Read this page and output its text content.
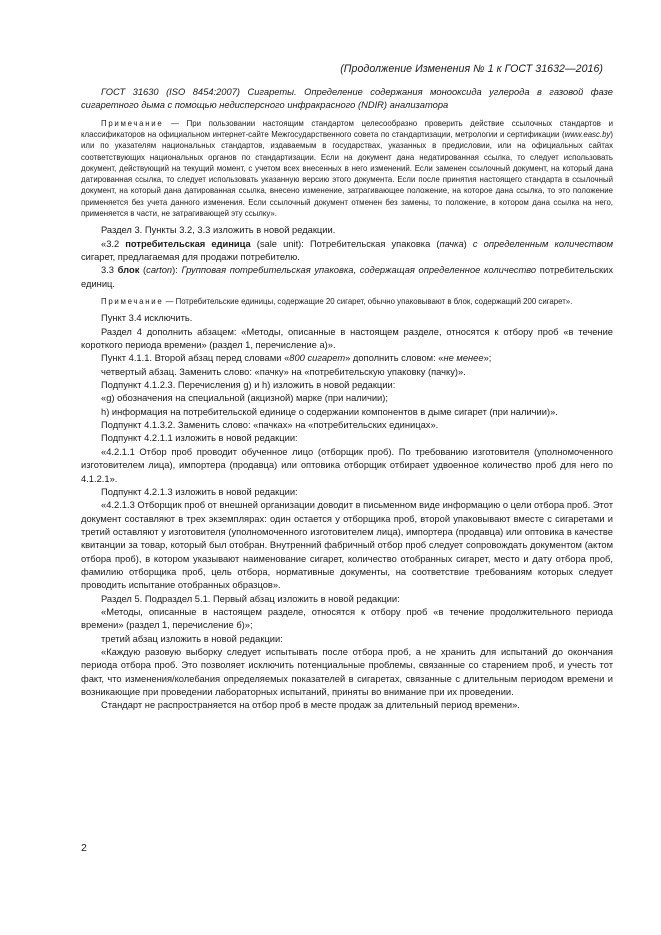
(Продолжение Изменения № 1 к ГОСТ 31632—2016)

ГОСТ 31630 (ISO 8454:2007) Сигареты. Определение содержания монооксида углерода в газовой фазе сигаретного дыма с помощью недисперсного инфракрасного (NDIR) анализатора

Примечание — При пользовании настоящим стандартом целесообразно проверить действие ссылочных стандартов и классификаторов на официальном интернет-сайте Межгосударственного совета по стандартизации, метрологии и сертификации (www.easc.by) или по указателям национальных стандартов, издаваемым в государствах, указанных в предисловии, или на официальных сайтах соответствующих национальных органов по стандартизации. Если на документ дана недатированная ссылка, то следует использовать документ, действующий на текущий момент, с учетом всех внесенных в него изменений. Если заменен ссылочный документ, на который дана датированная ссылка, то следует использовать указанную версию этого документа. Если после принятия настоящего стандарта в ссылочный документ, на который дана датированная ссылка, внесено изменение, затрагивающее положение, на которое дана ссылка, то это положение применяется без учета данного изменения. Если ссылочный документ отменен без замены, то положение, в котором дана ссылка на него, применяется в части, не затрагивающей эту ссылку».

Раздел 3. Пункты 3.2, 3.3 изложить в новой редакции.

«3.2 потребительская единица (sale unit): Потребительская упаковка (пачка) с определенным количеством сигарет, предлагаемая для продажи потребителю.

3.3 блок (carton): Групповая потребительская упаковка, содержащая определенное количество потребительских единиц.

Примечание — Потребительские единицы, содержащие 20 сигарет, обычно упаковывают в блок, содержащий 200 сигарет».

Пункт 3.4 исключить.

Раздел 4 дополнить абзацем: «Методы, описанные в настоящем разделе, относятся к отбору проб «в течение короткого периода времени» (раздел 1, перечисление а)».

Пункт 4.1.1. Второй абзац перед словами «800 сигарет» дополнить словом: «не менее»;

четвертый абзац. Заменить слово: «пачку» на «потребительскую упаковку (пачку)».

Подпункт 4.1.2.3. Перечисления g) и h) изложить в новой редакции:

«g) обозначения на специальной (акцизной) марке (при наличии);

h) информация на потребительской единице о содержании компонентов в дыме сигарет (при наличии)».

Подпункт 4.1.3.2. Заменить слово: «пачках» на «потребительских единицах».

Подпункт 4.2.1.1 изложить в новой редакции:

«4.2.1.1 Отбор проб проводит обученное лицо (отборщик проб). По требованию изготовителя (уполномоченного изготовителем лица), импортера (продавца) или оптовика отборщик отбирает удвоенное количество проб для него по 4.1.2.1».

Подпункт 4.2.1.3 изложить в новой редакции:

«4.2.1.3 Отборщик проб от внешней организации доводит в письменном виде информацию о цели отбора проб. Этот документ составляют в трех экземплярах: один остается у отборщика проб, второй упаковывают вместе с сигаретами и третий оставляют у изготовителя (уполномоченного изготовителем лица), импортера (продавца) или оптовика в качестве квитанции за товар, который был отобран. Внутренний фабричный отбор проб следует сопровождать документом (актом отбора проб), в котором указывают наименование сигарет, количество отобранных сигарет, место и дату отбора проб, фамилию отборщика проб, цель отбора, нормативные документы, на соответствие требованиям которых следует проводить испытание отобранных образцов».

Раздел 5. Подраздел 5.1. Первый абзац изложить в новой редакции:

«Методы, описанные в настоящем разделе, относятся к отбору проб «в течение продолжительного периода времени» (раздел 1, перечисление б)»;

третий абзац изложить в новой редакции:

«Каждую разовую выборку следует испытывать после отбора проб, а не хранить для испытаний до окончания периода отбора проб. Это позволяет исключить потенциальные проблемы, связанные со старением проб, и учесть тот факт, что изменения/колебания определяемых показателей в сигаретах, связанные с длительным периодом времени и возникающие при проведении лабораторных испытаний, приняты во внимание при их проведении.

Стандарт не распространяется на отбор проб в месте продаж за длительный период времени».

2
